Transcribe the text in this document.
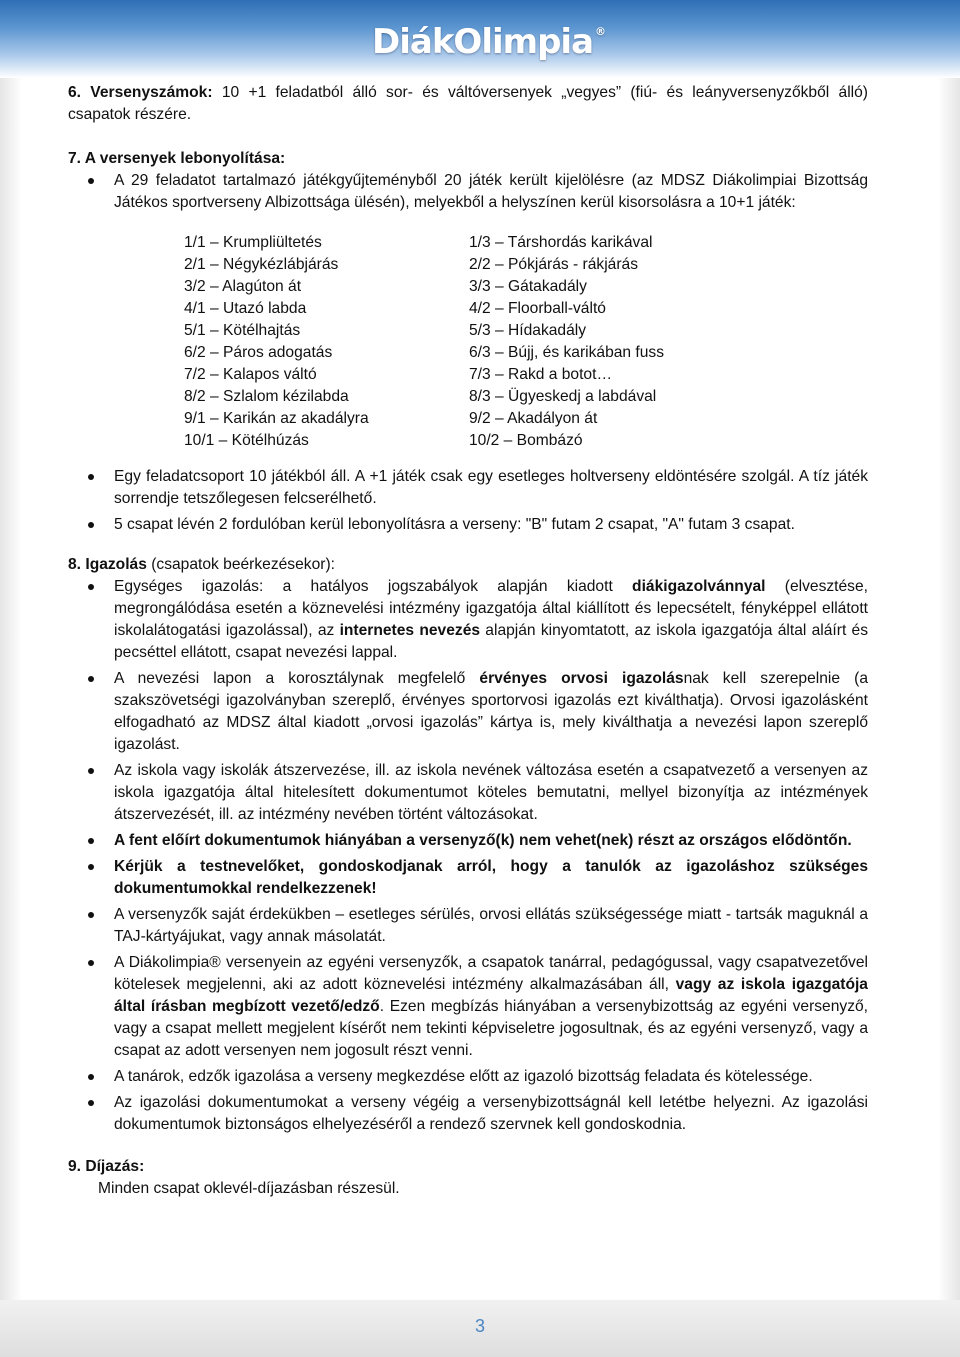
DiákOlimpia ®

6. Versenyszámok: 10 +1 feladatból álló sor- és váltóversenyek „vegyes” (fiú- és leányversenyzőkből álló) csapatok részére.

7. A versenyek lebonyolítása:

A 29 feladatot tartalmazó játékgyűjteményből 20 játék került kijelölésre (az MDSZ Diákolimpiai Bizottság Játékos sportverseny Albizottsága ülésén), melyekből a helyszínen kerül kisorsolásra a 10+1 játék:
1/1 – Krumpliültetés
2/1 – Négykézlábjárás
3/2 – Alagúton át
4/1 – Utazó labda
5/1 – Kötélhajtás
6/2 – Páros adogatás
7/2 – Kalapos váltó
8/2 – Szlalom kézilabda
9/1 – Karikán az akadályra
10/1 – Kötélhúzás
1/3 – Társhordás karikával
2/2 – Pókjárás - rákjárás
3/3 – Gátakadály
4/2 – Floorball-váltó
5/3 – Hídakadály
6/3 – Bújj, és karikában fuss
7/3 – Rakd a botot…
8/3 – Ügyeskedj a labdával
9/2 – Akadályon át
10/2 – Bombázó
Egy feladatcsoport 10 játékból áll. A +1 játék csak egy esetleges holtverseny eldöntésére szolgál. A tíz játék sorrendje tetszőlegesen felcserélhető.
5 csapat lévén 2 fordulóban kerül lebonyolításra a verseny: "B" futam 2 csapat, "A" futam 3 csapat.

8. Igazolás (csapatok beérkezésekor):

Egységes igazolás: a hatályos jogszabályok alapján kiadott diákigazolvánnyal (elvesztése, megrongálódása esetén a köznevelési intézmény igazgatója által kiállított és lepecsételt, fényképpel ellátott iskolalátogatási igazolással), az internetes nevezés alapján kinyomtatott, az iskola igazgatója által aláírt és pecséttel ellátott, csapat nevezési lappal.
A nevezési lapon a korosztálynak megfelelő érvényes orvosi igazolásnak kell szerepelnie (a szakszövetségi igazolványban szereplő, érvényes sportorvosi igazolás ezt kiválthatja). Orvosi igazolásként elfogadható az MDSZ által kiadott „orvosi igazolás” kártya is, mely kiválthatja a nevezési lapon szereplő igazolást.
Az iskola vagy iskolák átszervezése, ill. az iskola nevének változása esetén a csapatvezető a versenyen az iskola igazgatója által hitelesített dokumentumot köteles bemutatni, mellyel bizonyítja az intézmények átszervezését, ill. az intézmény nevében történt változásokat.
A fent előírt dokumentumok hiányában a versenyző(k) nem vehet(nek) részt az országos elődöntőn.
Kérjük a testnevelőket, gondoskodjanak arról, hogy a tanulók az igazoláshoz szükséges dokumentumokkal rendelkezzenek!
A versenyzők saját érdekükben – esetleges sérülés, orvosi ellátás szükségessége miatt - tartsák maguknál a TAJ-kártyájukat, vagy annak másolatát.
A Diákolimpia® versenyein az egyéni versenyzők, a csapatok tanárral, pedagógussal, vagy csapatvezetővel kötelesek megjelenni, aki az adott köznevelési intézmény alkalmazásában áll, vagy az iskola igazgatója által írásban megbízott vezető/edző. Ezen megbízás hiányában a versenybizottság az egyéni versenyző, vagy a csapat mellett megjelent kísérőt nem tekinti képviseletre jogosultnak, és az egyéni versenyző, vagy a csapat az adott versenyen nem jogosult részt venni.
A tanárok, edzők igazolása a verseny megkezdése előtt az igazoló bizottság feladata és kötelessége.
Az igazolási dokumentumokat a verseny végéig a versenybizottságnál kell letétbe helyezni. Az igazolási dokumentumok biztonságos elhelyezéséről a rendező szervnek kell gondoskodnia.

9. Díjazás:

Minden csapat oklevél-díjazásban részesül.

3
